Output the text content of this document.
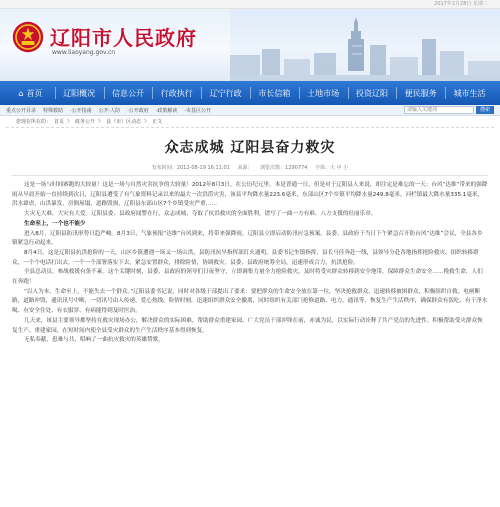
2017年2月28日 星期二
辽阳市人民政府
www.liaoyang.gov.cn
⌂ 首页	辽阳概况 信息公开 行政执行 辽宁行政 市长信箱 土地市场 投资辽阳 便民服务 城市生活
重点公开目录 特殊救助 ·公开指南 公开·人防 ·公开政府 ·政策解读 ·市县区公开
请输入关键词	搜索
您现在所在的： 首页 》 政务公开 》 县（市）区动态 》 正文
众志成城 辽阳县奋力救灾
发布时间：2012-08-19 16:11:01 来源： 浏览次数：1290774 字体：大 中 小

这是一场与时间赛跑的大较量！这是一场与自然灾害抗争的大较量！2012年8月3日，在公历纪元里，本是普通一日，但是对于辽阳县人来说，却注定是难忘的一天：台风“达维”带来的强降雨从早晨开始一直持续到次日，辽阳县遭受了有气象资料记录以来的最大一次洪涝灾害，该县平均降水量223.6毫米，东部山区7个乡镇平均降水量249.8毫米，河栏镇最大降水量335.1毫米，洪水肆虐，山洪暴发，房倒屋塌，道路毁损，辽阳县东部山区7个乡镇受灾严重……

大灾无大难，大灾有大爱。辽阳县委、县政府闻警在行，众志成城，夺取了抗洪救灾的全面胜利，谱写了一曲一方有难、八方支援的壮丽乐章。

生命至上，一个也不能少

进入8月，辽阳县防汛形势日趋严峻。8月3日，气象预报“达维”台风到来，将带来强降雨。辽阳县立即启动防汛应急预案，县委、县政府于当日下午紧急召开防台风“达维”会议，全县各乡镇紧急行动起来。

8月4日，这是辽阳县抗洪抢险的一天，山区乡镇遭遇一场又一场山洪，县防汛抗旱指挥部灯火通明，县委书记坐镇指挥，县长马佳奔赴一线，县领导分赴各地指挥抢险救灾、组织转移群众，一个个电话打出去，一个一个部署落实下去，紧急安置群众，排除险情，协调救灾。县委、县政府统筹全局，迅速形成合力，抗洪抢险。

全县总动员，参战救援有条不紊。这个关键时刻，县委、县政府的领导们日夜坚守，立即调集力量全力抢险救灾，及时将受灾群众转移到安全地带，保障群众生命安全……挽救生命，人们在奔跑！

“以人为本，生命至上，不能失去一个群众。”辽阳县委书记说，同时对各级干部提出了要求：要把群众的生命安全放在第一位，坚决抢救群众，迅速转移被困群众，积极组织自救。电闸断路，道路冲毁，通讯讯号中断，一切讯号由人传递，爱心热线，险情时刻，迅速组织群众安全撤离，同时组织有关部门抢修道路、电力、通讯等，恢复生产生活秩序，确保群众有饭吃、有干净水喝、有安全住处、有衣服穿、有病能得到及时医治。

几天来，该县主要领导都坚持在救灾现场办公，解决群众的实际困难，帮助群众重建家园。广大党员干部冲锋在前，赤诚为民，以实际行动诠释了共产党员的先进性。积极帮助受灾群众恢复生产、重建家园，在短时间内使全县受灾群众的生产生活秩序基本得到恢复。

无私奉献，患难与共，唱响了一曲抗灾救灾的英雄赞歌。
